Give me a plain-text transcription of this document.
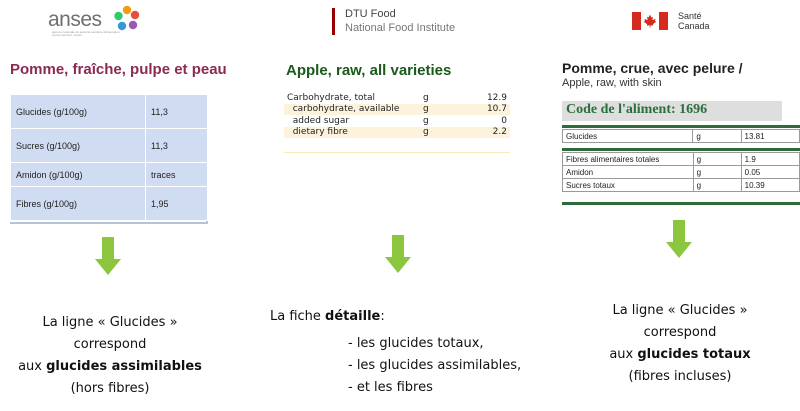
anses
agence nationale de sécurité sanitaire alimentation, environnement, travail
Pomme, fraîche, pulpe et peau
Glucides (g/100g)	11,3
Sucres (g/100g)	11,3
Amidon (g/100g)	traces
Fibres (g/100g)	1,95
La ligne « Glucides »
correspond
aux glucides assimilables
(hors fibres)
DTU Food
National Food Institute
Apple, raw, all varieties
Carbohydrate, total	g	12.9
carbohydrate, available	g	10.7
added sugar	g	0
dietary fibre	g	2.2
La fiche détaille:
- les glucides totaux,
- les glucides assimilables,
- et les fibres
Santé
Canada
Pomme, crue, avec pelure /
Apple, raw, with skin
Code de l'aliment: 1696
-
Glucides	g	13.81
Fibres alimentaires totales	g	1.9
Amidon	g	0.05
Sucres totaux	g	10.39
La ligne « Glucides »
correspond
aux glucides totaux
(fibres incluses)
